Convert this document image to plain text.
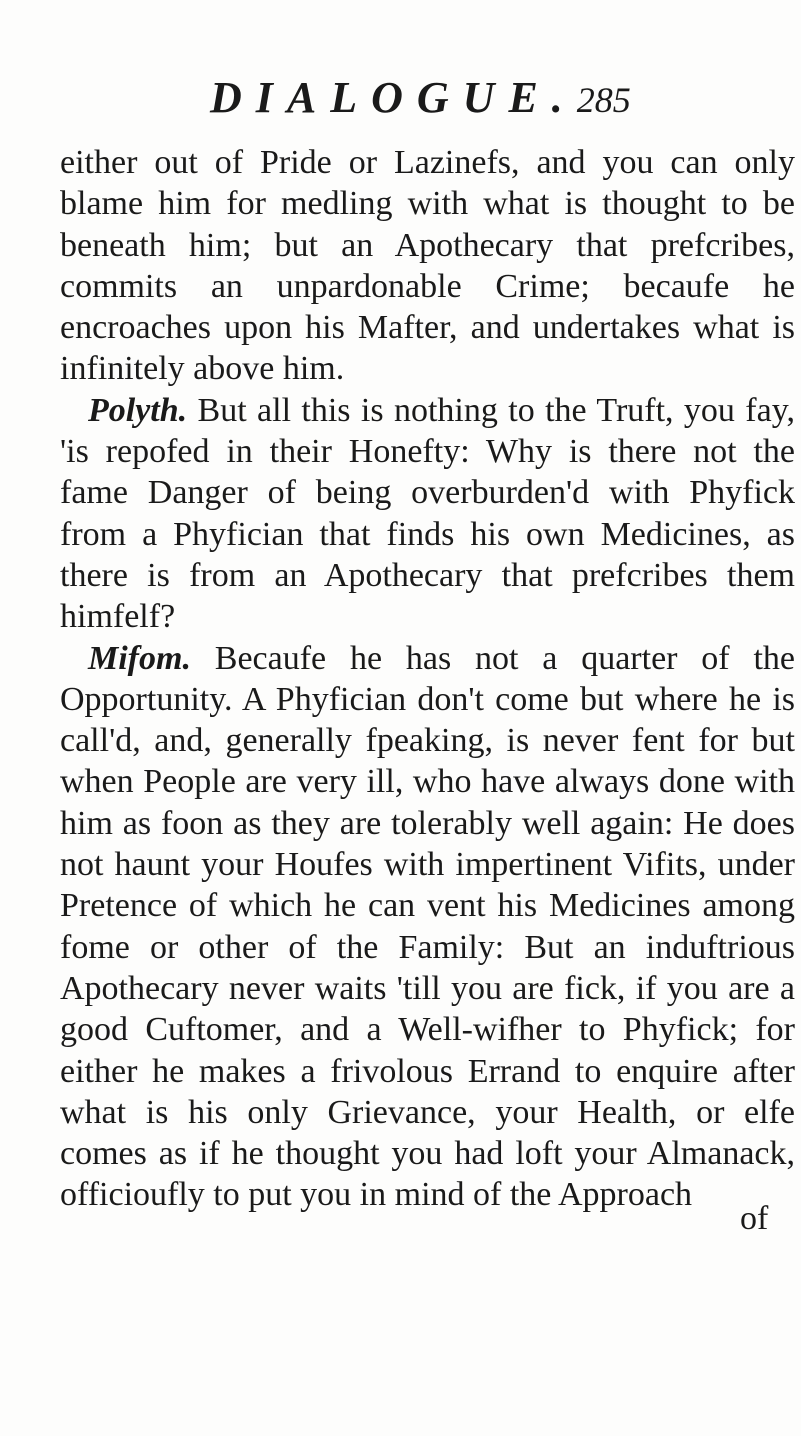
DIALOGUE. 285

either out of Pride or Lazinefs, and you can only blame him for medling with what is thought to be beneath him; but an Apothecary that prefcribes, commits an unpardonable Crime; becaufe he encroaches upon his Mafter, and undertakes what is infinitely above him.

Polyth. But all this is nothing to the Truft, you fay, 'is repofed in their Honefty: Why is there not the fame Danger of being overburden'd with Phyfick from a Phyfician that finds his own Medicines, as there is from an Apothecary that prefcribes them himfelf?

Mifom. Becaufe he has not a quarter of the Opportunity. A Phyfician don't come but where he is call'd, and, generally fpeaking, is never fent for but when People are very ill, who have always done with him as foon as they are tolerably well again: He does not haunt your Houfes with impertinent Vifits, under Pretence of which he can vent his Medicines among fome or other of the Family: But an induftrious Apothecary never waits 'till you are fick, if you are a good Cuftomer, and a Well-wifher to Phyfick; for either he makes a frivolous Errand to enquire after what is his only Grievance, your Health, or elfe comes as if he thought you had loft your Almanack, officioufly to put you in mind of the Approach

of
